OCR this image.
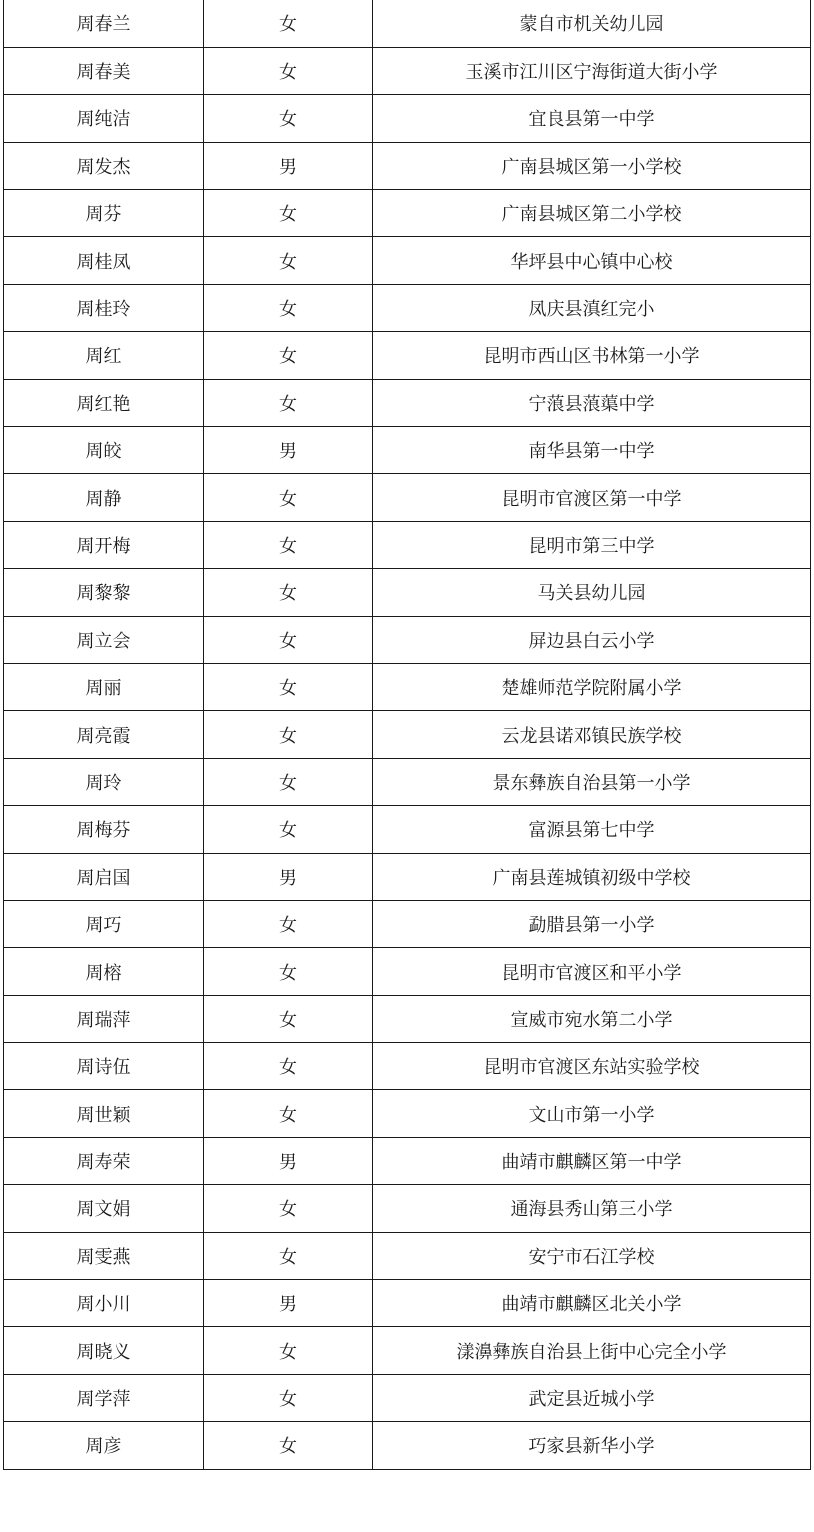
周春兰	女	蒙自市机关幼儿园
周春美	女	玉溪市江川区宁海街道大街小学
周纯洁	女	宜良县第一中学
周发杰	男	广南县城区第一小学校
周芬	女	广南县城区第二小学校
周桂凤	女	华坪县中心镇中心校
周桂玲	女	凤庆县滇红完小
周红	女	昆明市西山区书林第一小学
周红艳	女	宁蒗县蒗蕖中学
周皎	男	南华县第一中学
周静	女	昆明市官渡区第一中学
周开梅	女	昆明市第三中学
周黎黎	女	马关县幼儿园
周立会	女	屏边县白云小学
周丽	女	楚雄师范学院附属小学
周亮霞	女	云龙县诺邓镇民族学校
周玲	女	景东彝族自治县第一小学
周梅芬	女	富源县第七中学
周启国	男	广南县莲城镇初级中学校
周巧	女	勐腊县第一小学
周榕	女	昆明市官渡区和平小学
周瑞萍	女	宣威市宛水第二小学
周诗伍	女	昆明市官渡区东站实验学校
周世颖	女	文山市第一小学
周寿荣	男	曲靖市麒麟区第一中学
周文娟	女	通海县秀山第三小学
周雯燕	女	安宁市石江学校
周小川	男	曲靖市麒麟区北关小学
周晓义	女	漾濞彝族自治县上街中心完全小学
周学萍	女	武定县近城小学
周彦	女	巧家县新华小学
